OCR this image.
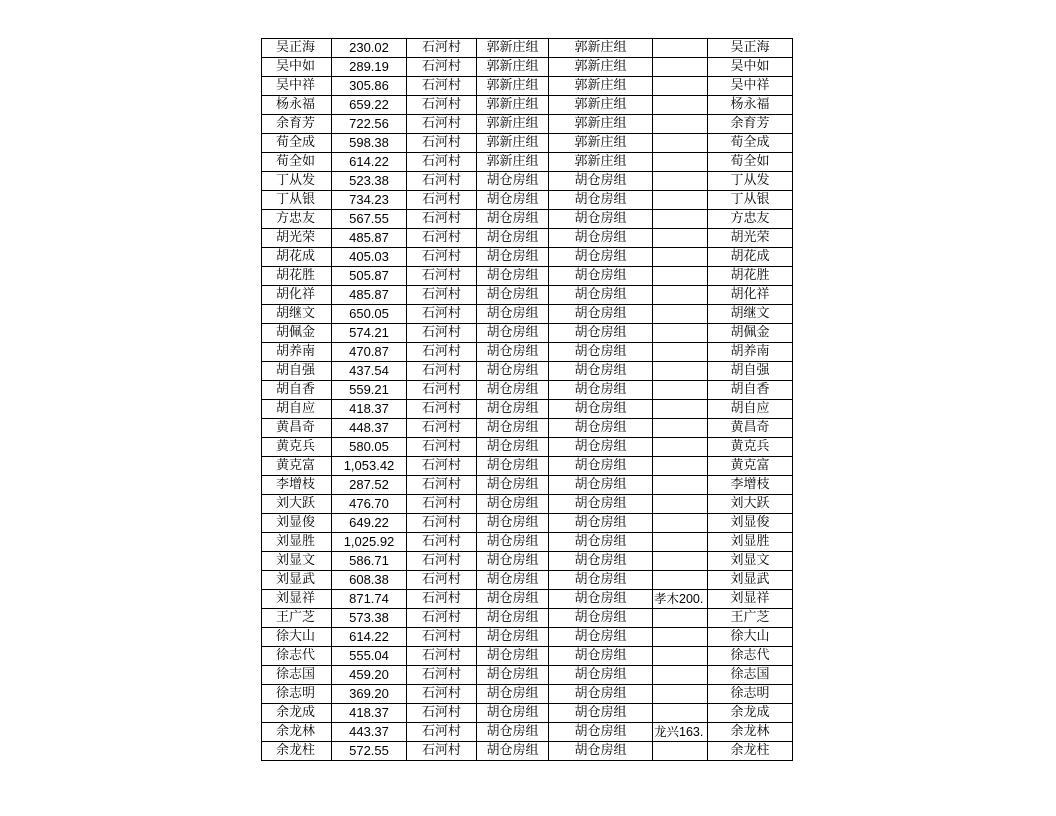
吴正海	230.02	石河村	郭新庄组	郭新庄组		吴正海
吴中如	289.19	石河村	郭新庄组	郭新庄组		吴中如
吴中祥	305.86	石河村	郭新庄组	郭新庄组		吴中祥
杨永福	659.22	石河村	郭新庄组	郭新庄组		杨永福
余育芳	722.56	石河村	郭新庄组	郭新庄组		余育芳
荀全成	598.38	石河村	郭新庄组	郭新庄组		荀全成
荀全如	614.22	石河村	郭新庄组	郭新庄组		荀全如
丁从发	523.38	石河村	胡仓房组	胡仓房组		丁从发
丁从银	734.23	石河村	胡仓房组	胡仓房组		丁从银
方忠友	567.55	石河村	胡仓房组	胡仓房组		方忠友
胡光荣	485.87	石河村	胡仓房组	胡仓房组		胡光荣
胡花成	405.03	石河村	胡仓房组	胡仓房组		胡花成
胡花胜	505.87	石河村	胡仓房组	胡仓房组		胡花胜
胡化祥	485.87	石河村	胡仓房组	胡仓房组		胡化祥
胡继文	650.05	石河村	胡仓房组	胡仓房组		胡继文
胡佩金	574.21	石河村	胡仓房组	胡仓房组		胡佩金
胡养南	470.87	石河村	胡仓房组	胡仓房组		胡养南
胡自强	437.54	石河村	胡仓房组	胡仓房组		胡自强
胡自香	559.21	石河村	胡仓房组	胡仓房组		胡自香
胡自应	418.37	石河村	胡仓房组	胡仓房组		胡自应
黄昌奇	448.37	石河村	胡仓房组	胡仓房组		黄昌奇
黄克兵	580.05	石河村	胡仓房组	胡仓房组		黄克兵
黄克富	1,053.42	石河村	胡仓房组	胡仓房组		黄克富
李增枝	287.52	石河村	胡仓房组	胡仓房组		李增枝
刘大跃	476.70	石河村	胡仓房组	胡仓房组		刘大跃
刘显俊	649.22	石河村	胡仓房组	胡仓房组		刘显俊
刘显胜	1,025.92	石河村	胡仓房组	胡仓房组		刘显胜
刘显文	586.71	石河村	胡仓房组	胡仓房组		刘显文
刘显武	608.38	石河村	胡仓房组	胡仓房组		刘显武
刘显祥	871.74	石河村	胡仓房组	胡仓房组	孝木200.	刘显祥
王广芝	573.38	石河村	胡仓房组	胡仓房组		王广芝
徐大山	614.22	石河村	胡仓房组	胡仓房组		徐大山
徐志代	555.04	石河村	胡仓房组	胡仓房组		徐志代
徐志国	459.20	石河村	胡仓房组	胡仓房组		徐志国
徐志明	369.20	石河村	胡仓房组	胡仓房组		徐志明
余龙成	418.37	石河村	胡仓房组	胡仓房组		余龙成
余龙林	443.37	石河村	胡仓房组	胡仓房组	龙兴163.	余龙林
余龙柱	572.55	石河村	胡仓房组	胡仓房组		余龙柱
